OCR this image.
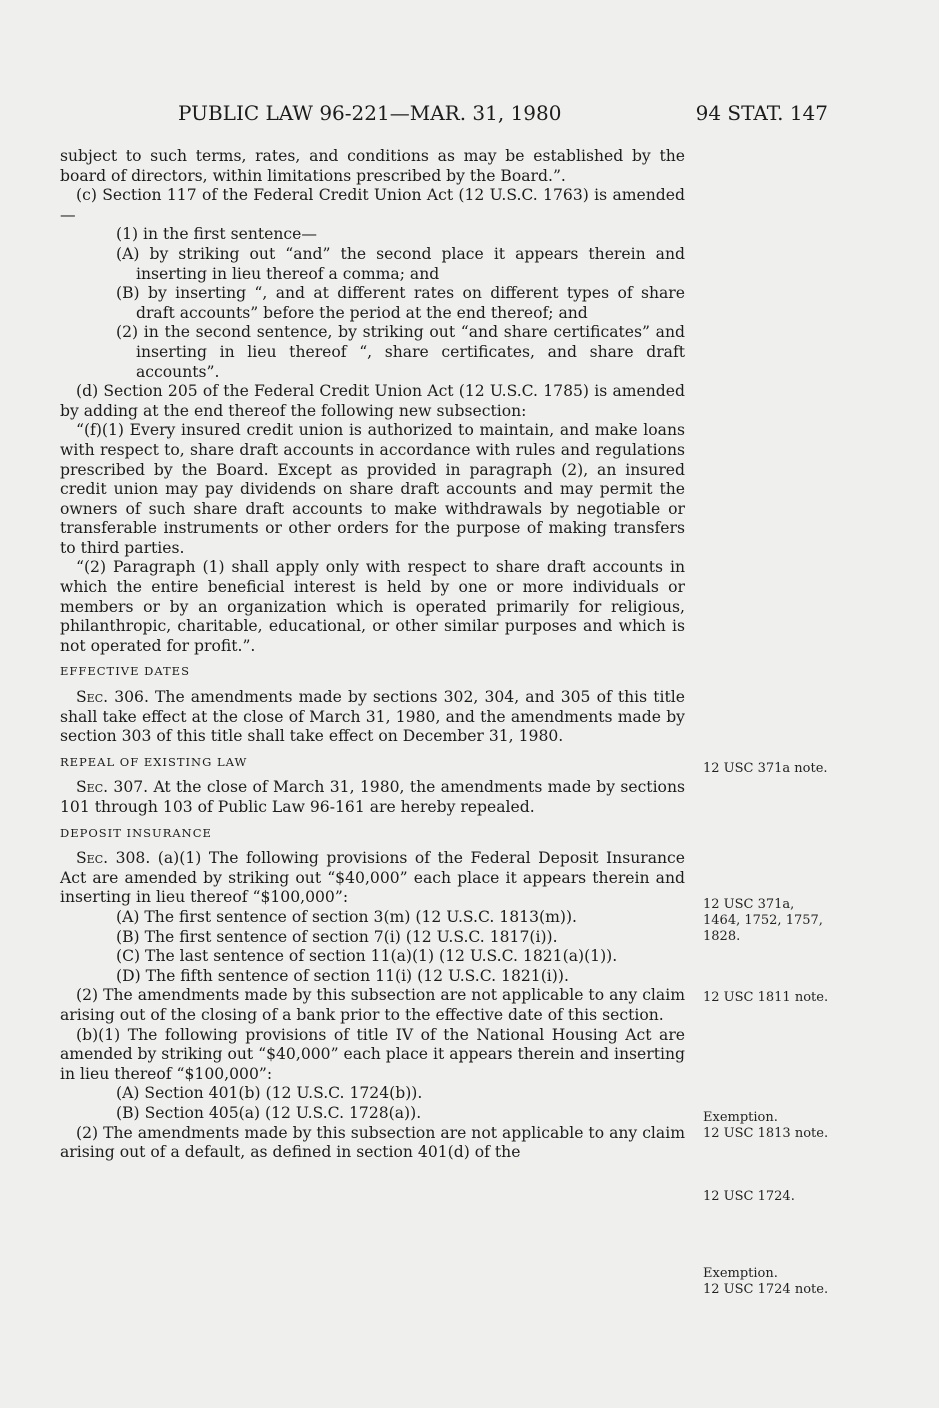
PUBLIC LAW 96-221—MAR. 31, 1980	94 STAT. 147

subject to such terms, rates, and conditions as may be established by the board of directors, within limitations prescribed by the Board.”.

(c) Section 117 of the Federal Credit Union Act (12 U.S.C. 1763) is amended—

(1) in the first sentence—

(A) by striking out “and” the second place it appears therein and inserting in lieu thereof a comma; and

(B) by inserting “, and at different rates on different types of share draft accounts” before the period at the end thereof; and

(2) in the second sentence, by striking out “and share certificates” and inserting in lieu thereof “, share certificates, and share draft accounts”.

(d) Section 205 of the Federal Credit Union Act (12 U.S.C. 1785) is amended by adding at the end thereof the following new subsection:

“(f)(1) Every insured credit union is authorized to maintain, and make loans with respect to, share draft accounts in accordance with rules and regulations prescribed by the Board. Except as provided in paragraph (2), an insured credit union may pay dividends on share draft accounts and may permit the owners of such share draft accounts to make withdrawals by negotiable or transferable instruments or other orders for the purpose of making transfers to third parties.

“(2) Paragraph (1) shall apply only with respect to share draft accounts in which the entire beneficial interest is held by one or more individuals or members or by an organization which is operated primarily for religious, philanthropic, charitable, educational, or other similar purposes and which is not operated for profit.”.

EFFECTIVE DATES

Sec. 306. The amendments made by sections 302, 304, and 305 of this title shall take effect at the close of March 31, 1980, and the amendments made by section 303 of this title shall take effect on December 31, 1980.

REPEAL OF EXISTING LAW

Sec. 307. At the close of March 31, 1980, the amendments made by sections 101 through 103 of Public Law 96-161 are hereby repealed.

DEPOSIT INSURANCE

Sec. 308. (a)(1) The following provisions of the Federal Deposit Insurance Act are amended by striking out “$40,000” each place it appears therein and inserting in lieu thereof “$100,000”:

(A) The first sentence of section 3(m) (12 U.S.C. 1813(m)).

(B) The first sentence of section 7(i) (12 U.S.C. 1817(i)).

(C) The last sentence of section 11(a)(1) (12 U.S.C. 1821(a)(1)).

(D) The fifth sentence of section 11(i) (12 U.S.C. 1821(i)).

(2) The amendments made by this subsection are not applicable to any claim arising out of the closing of a bank prior to the effective date of this section.

(b)(1) The following provisions of title IV of the National Housing Act are amended by striking out “$40,000” each place it appears therein and inserting in lieu thereof “$100,000”:

(A) Section 401(b) (12 U.S.C. 1724(b)).

(B) Section 405(a) (12 U.S.C. 1728(a)).

(2) The amendments made by this subsection are not applicable to any claim arising out of a default, as defined in section 401(d) of the

12 USC 371a note.
12 USC 371a, 1464, 1752, 1757, 1828.
12 USC 1811 note.
Exemption.
12 USC 1813 note.
12 USC 1724.
Exemption.
12 USC 1724 note.
